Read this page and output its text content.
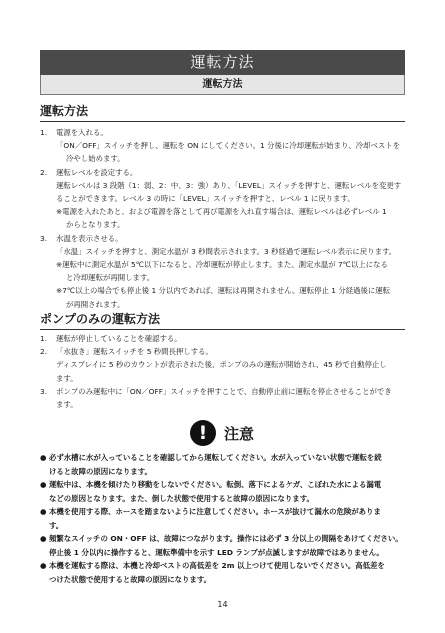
運転方法
運転方法
運転方法
1.	電源を入れる。
「ON／OFF」スイッチを押し、運転を ON にしてください。1 分後に冷却運転が始まり、冷却ベストを
冷やし始めます。
2.	運転レベルを設定する。
運転レベルは 3 段階（1：弱、2：中、3：強）あり、「LEVEL」スイッチを押すと、運転レベルを変更す
ることができます。レベル 3 の時に「LEVEL」スイッチを押すと、レベル 1 に戻ります。
※電源を入れたあと、および電源を落として再び電源を入れ直す場合は、運転レベルは必ずレベル 1
からとなります。
3.	水温を表示させる。
「水温」スイッチを押すと、測定水温が 3 秒間表示されます。3 秒経過で運転レベル表示に戻ります。
※運転中に測定水温が 5℃以下になると、冷却運転が停止します。また、測定水温が 7℃以上になる
と冷却運転が再開します。
※7℃以上の場合でも停止後 1 分以内であれば、運転は再開されません。運転停止 1 分経過後に運転
が再開されます。
ポンプのみの運転方法
1.	運転が停止していることを確認する。
2.	「水抜き」運転スイッチを 5 秒間長押しする。
ディスプレイに 5 秒のカウントが表示された後、ポンプのみの運転が開始され、45 秒で自動停止し
ます。
3.	ポンプのみ運転中に「ON／OFF」スイッチを押すことで、自動停止前に運転を停止させることができ
ます。
!	注意
● 必ず水槽に水が入っていることを確認してから運転してください。水が入っていない状態で運転を続
けると故障の原因になります。
● 運転中は、本機を傾けたり移動をしないでください。転倒、落下によるケガ、こぼれた水による漏電
などの原因となります。また、倒した状態で使用すると故障の原因になります。
● 本機を使用する際、ホースを踏まないように注意してください。ホースが抜けて漏水の危険がありま
す。
● 頻繁なスイッチの ON・OFF は、故障につながります。操作には必ず 3 分以上の間隔をあけてください。
停止後 1 分以内に操作すると、運転準備中を示す LED ランプが点滅しますが故障ではありません。
● 本機を運転する際は、本機と冷却ベストの高低差を 2m 以上つけて使用しないでください。高低差を
つけた状態で使用すると故障の原因になります。
14
